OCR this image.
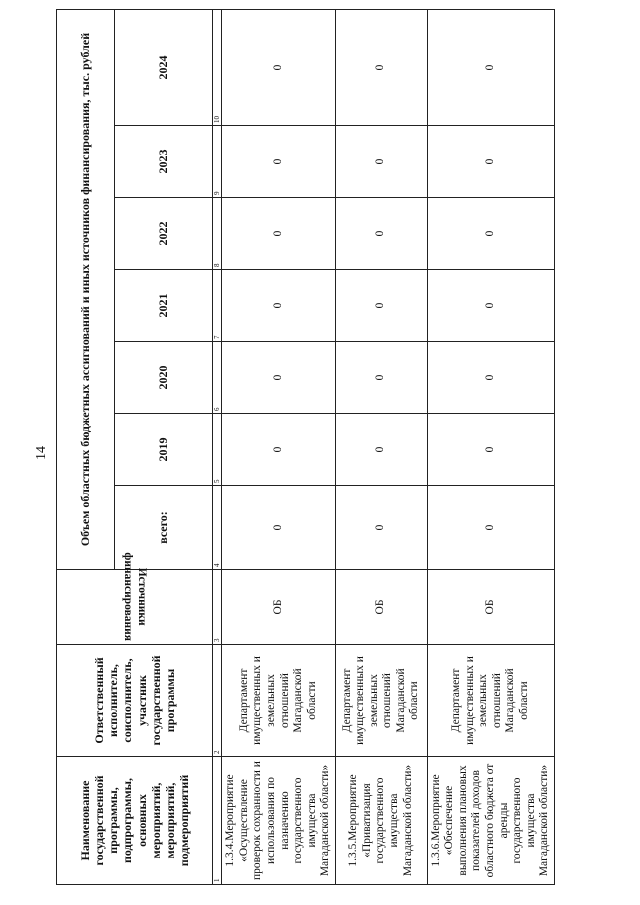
14
Наименование государственной программы, подпрограммы, основных мероприятий, мероприятий, подмероприятий	Ответственный исполнитель, соисполнитель, участник государственной программы	Источники финансирования	Объем областных бюджетных ассигнований и иных источников финансирования, тыс. рублей						
			всего:	2019	2020	2021	2022	2023	2024
1	2	3	4	5	6	7	8	9	10
1.3.4.Мероприятие «Осуществление проверок сохранности и использования по назначению государственного имущества Магаданской области»	Департамент имущественных и земельных отношений Магаданской области	ОБ	0	0	0	0	0	0	0
1.3.5.Мероприятие «Приватизация государственного имущества Магаданской области»	Департамент имущественных и земельных отношений Магаданской области	ОБ	0	0	0	0	0	0	0
1.3.6.Мероприятие «Обеспечение выполнения плановых показателей доходов областного бюджета от аренды государственного имущества Магаданской области»	Департамент имущественных и земельных отношений Магаданской области	ОБ	0	0	0	0	0	0	0
